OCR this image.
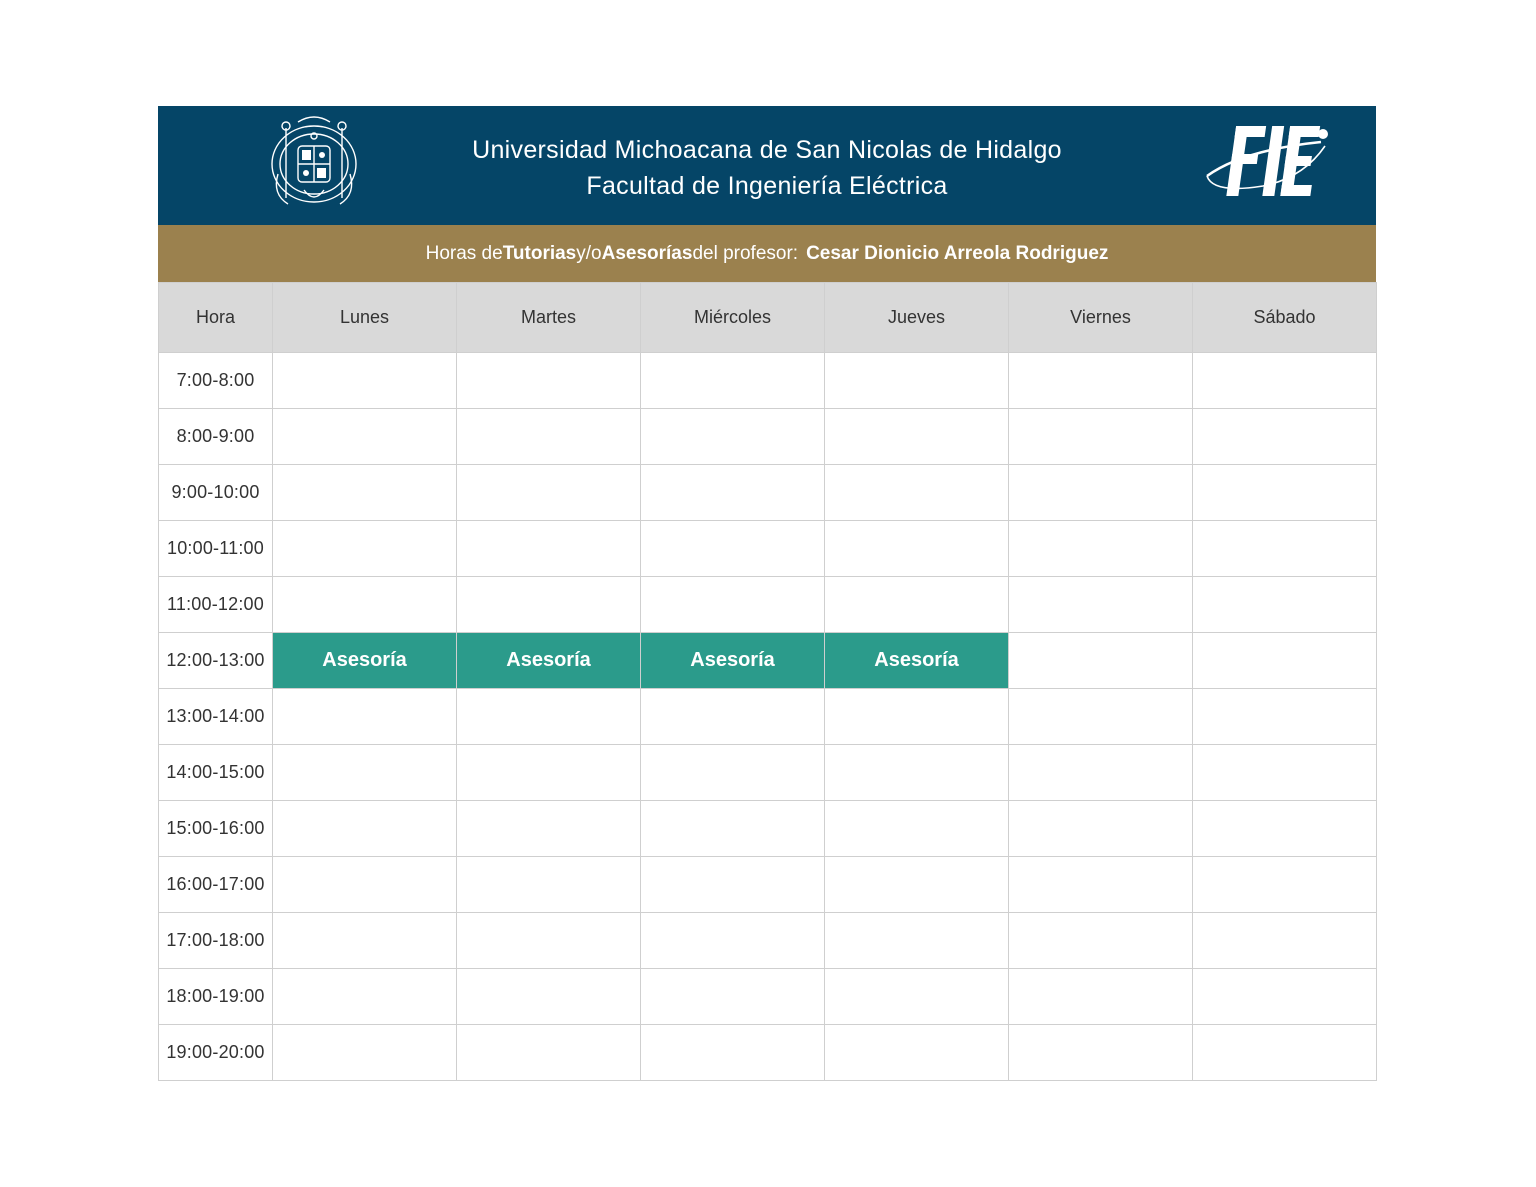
Universidad Michoacana de San Nicolas de Hidalgo
Facultad de Ingeniería Eléctrica
Horas de Tutorias y/o Asesorías del profesor: Cesar Dionicio Arreola Rodriguez
Hora	Lunes	Martes	Miércoles	Jueves	Viernes	Sábado
7:00-8:00						
8:00-9:00						
9:00-10:00						
10:00-11:00						
11:00-12:00						
12:00-13:00	Asesoría	Asesoría	Asesoría	Asesoría		
13:00-14:00						
14:00-15:00						
15:00-16:00						
16:00-17:00						
17:00-18:00						
18:00-19:00						
19:00-20:00						
